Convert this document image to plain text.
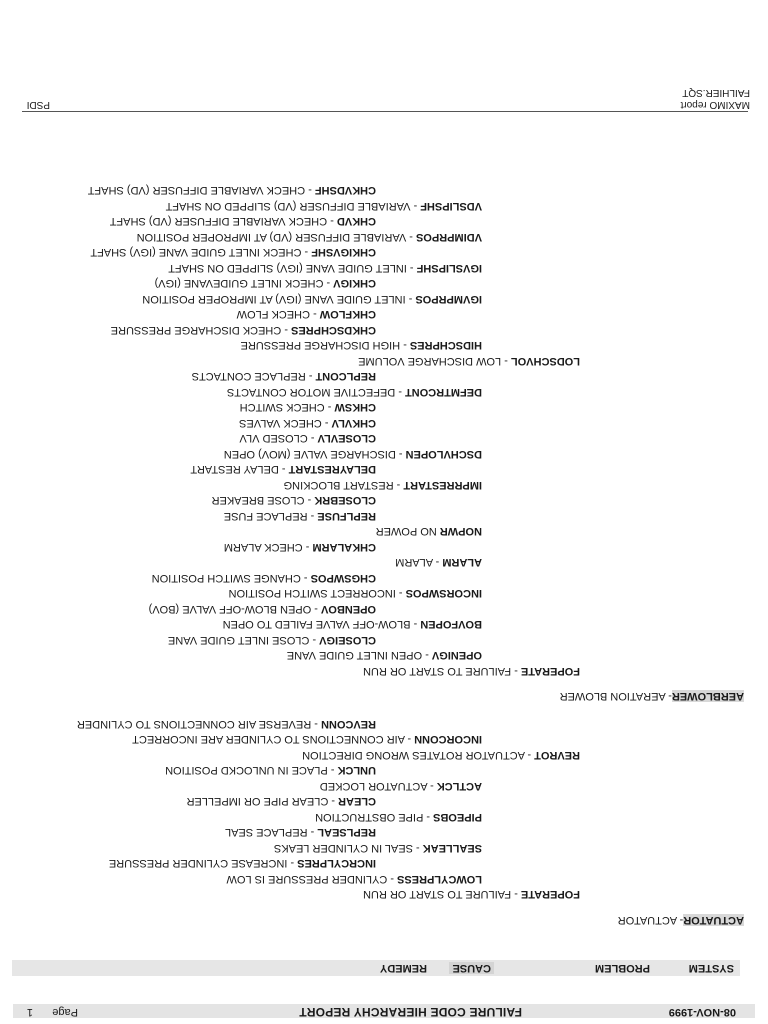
08-NOV-1999
FAILURE CODE HIERARCHY REPORT
Page
1
SYSTEM
PROBLEM
CAUSE
REMEDY
ACTUATOR- ACTUATOR
FOPERATE - FAILURE TO START OR RUN
LOWCYLPRESS - CYLINDER PRESSURE IS LOW
INCRCYLPRES - INCREASE CYLINDER PRESSURE
SEALLEAK - SEAL IN CYLINDER LEAKS
REPLSEAL - REPLACE SEAL
PIPEOBS - PIPE OBSTRUCTION
CLEAR - CLEAR PIPE OR IMPELLER
ACTLCK - ACTUATOR LOCKED
UNLCK - PLACE IN UNLOCKD POSITION
REVROT - ACTUATOR ROTATES WRONG DIRECTION
INCORCONN - AIR CONNECTIONS TO CYLINDER ARE INCORRECT
REVCONN - REVERSE AIR CONNECTIONS TO CYLINDER
AERBLOWER- AERATION BLOWER
FOPERATE - FAILURE TO START OR RUN
OPENIGV - OPEN INLET GUIDE VANE
CLOSEIGV - CLOSE INLET GUIDE VANE
BOVFOPEN - BLOW-OFF VALVE FAILED TO OPEN
OPENBOV - OPEN BLOW-OFF VALVE (BOV)
INCORSWPOS - INCORRECT SWITCH POSITION
CHGSWPOS - CHANGE SWITCH POSITION
ALARM - ALARM
CHKALARM - CHECK ALARM
NOPWR NO POWER
REPLFUSE - REPLACE FUSE
CLOSEBRK - CLOSE BREAKER
IMPRRESTART - RESTART BLOCKING
DELAYRESTART - DELAY RESTART
DSCHVLOPEN - DISCHARGE VALVE (MOV) OPEN
CLOSEVLV - CLOSED VLV
CHKVLV - CHECK VALVES
CHKSW - CHECK SWITCH
DEFMTRCONT - DEFECTIVE MOTOR CONTACTS
REPLCONT - REPLACE CONTACTS
LODSCHVOL - LOW DISCHARGE VOLUME
HIDSCHPRES - HIGH DISCHARGE PRESSURE
CHKDSCHPRES - CHECK DISCHARGE PRESSURE
CHKFLOW - CHECK FLOW
IGVMPRPOS - INLET GUIDE VANE (IGV) AT IMPROPER POSITION
CHKIGV - CHECK INLET GUIDEVANE (IGV)
IGVSLIPSHF - INLET GUIDE VANE (IGV) SLIPPED ON SHAFT
CHKIGVSHF - CHECK INLET GUIDE VANE (IGV) SHAFT
VDIMPRPOS - VARIABLE DIFFUSER (VD) AT IMPROPER POSITION
CHKVD - CHECK VARIABLE DIFFUSER (VD) SHAFT
VDSLIPSHF - VARIABLE DIFFUSER (VD) SLIPPED ON SHAFT
CHKVDSHF - CHECK VARIABLE DIFFUSER (VD) SHAFT
MAXIMO report
FAILHIER.SQT
PSDI
